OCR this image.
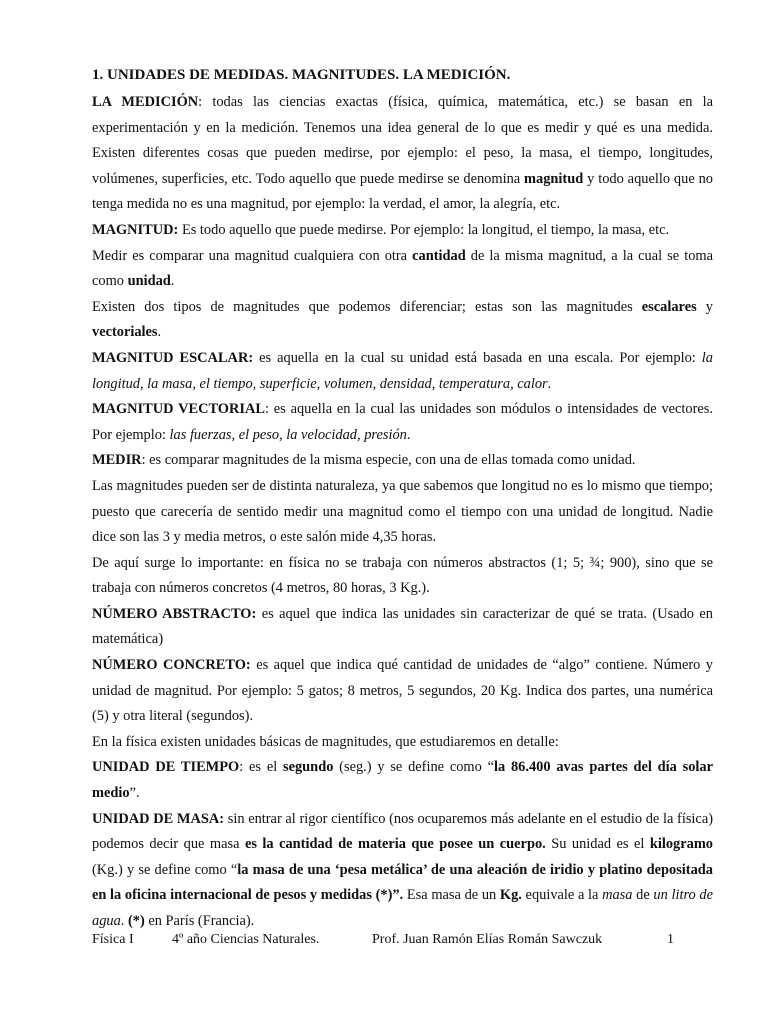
1. UNIDADES DE MEDIDAS. MAGNITUDES. LA MEDICIÓN.

LA MEDICIÓN: todas las ciencias exactas (física, química, matemática, etc.) se basan en la experimentación y en la medición. Tenemos una idea general de lo que es medir y qué es una medida. Existen diferentes cosas que pueden medirse, por ejemplo: el peso, la masa, el tiempo, longitudes, volúmenes, superficies, etc. Todo aquello que puede medirse se denomina magnitud y todo aquello que no tenga medida no es una magnitud, por ejemplo: la verdad, el amor, la alegría, etc.

MAGNITUD: Es todo aquello que puede medirse. Por ejemplo: la longitud, el tiempo, la masa, etc.

Medir es comparar una magnitud cualquiera con otra cantidad de la misma magnitud, a la cual se toma como unidad.

Existen dos tipos de magnitudes que podemos diferenciar; estas son las magnitudes escalares y vectoriales.

MAGNITUD ESCALAR: es aquella en la cual su unidad está basada en una escala. Por ejemplo: la longitud, la masa, el tiempo, superficie, volumen, densidad, temperatura, calor.

MAGNITUD VECTORIAL: es aquella en la cual las unidades son módulos o intensidades de vectores. Por ejemplo: las fuerzas, el peso, la velocidad, presión.

MEDIR: es comparar magnitudes de la misma especie, con una de ellas tomada como unidad.

Las magnitudes pueden ser de distinta naturaleza, ya que sabemos que longitud no es lo mismo que tiempo; puesto que carecería de sentido medir una magnitud como el tiempo con una unidad de longitud. Nadie dice son las 3 y media metros, o este salón mide 4,35 horas.

De aquí surge lo importante: en física no se trabaja con números abstractos (1; 5; ¾; 900), sino que se trabaja con números concretos (4 metros, 80 horas, 3 Kg.).

NÚMERO ABSTRACTO: es aquel que indica las unidades sin caracterizar de qué se trata. (Usado en matemática)

NÚMERO CONCRETO: es aquel que indica qué cantidad de unidades de “algo” contiene. Número y unidad de magnitud. Por ejemplo: 5 gatos; 8 metros, 5 segundos, 20 Kg. Indica dos partes, una numérica (5) y otra literal (segundos).

En la física existen unidades básicas de magnitudes, que estudiaremos en detalle:

UNIDAD DE TIEMPO: es el segundo (seg.) y se define como “la 86.400 avas partes del día solar medio”.

UNIDAD DE MASA: sin entrar al rigor científico (nos ocuparemos más adelante en el estudio de la física) podemos decir que masa es la cantidad de materia que posee un cuerpo. Su unidad es el kilogramo (Kg.) y se define como “la masa de una ‘pesa metálica’ de una aleación de iridio y platino depositada en la oficina internacional de pesos y medidas (*)”. Esa masa de un Kg. equivale a la masa de un litro de agua. (*) en París (Francia).

Física I	4º año Ciencias Naturales.	Prof. Juan Ramón Elías Román Sawczuk	1
